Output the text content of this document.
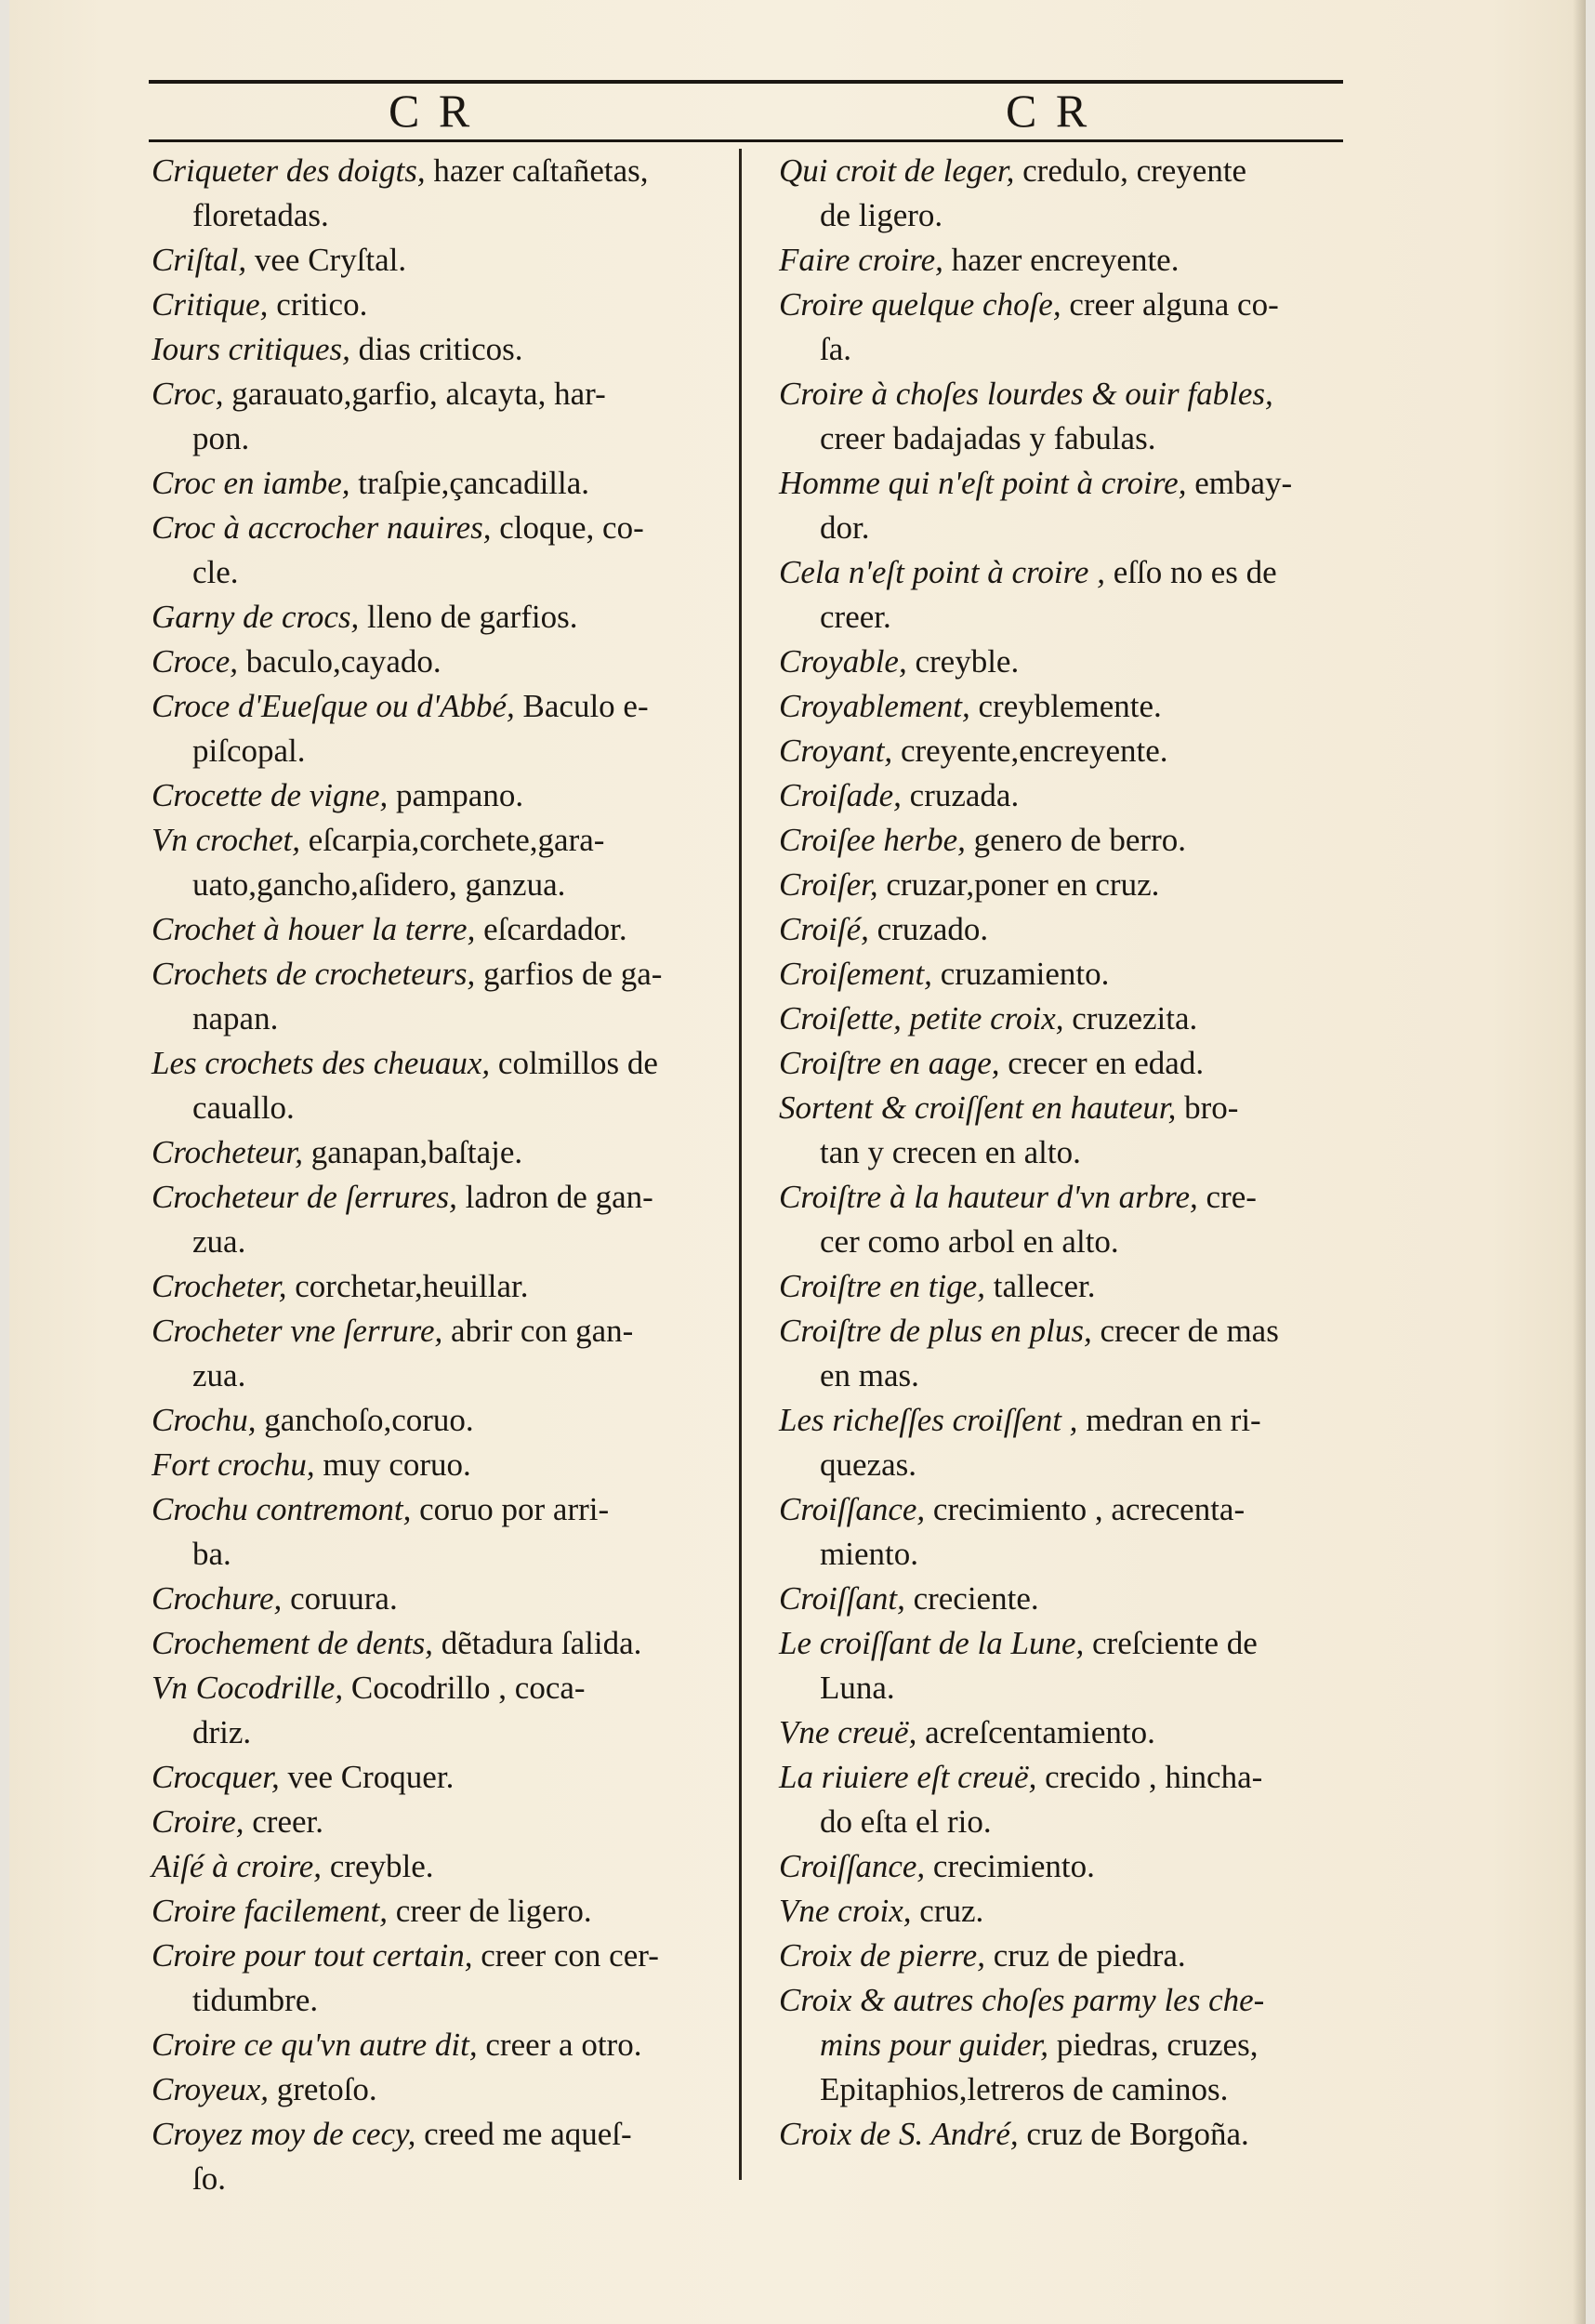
C R	C R
Criqueter des doigts, hazer caſtañetas,
floretadas.
Criſtal, vee Cryſtal.
Critique, critico.
Iours critiques, dias criticos.
Croc, garauato,garfio, alcayta, har-
pon.
Croc en iambe, traſpie,çancadilla.
Croc à accrocher nauires, cloque, co-
cle.
Garny de crocs, lleno de garfios.
Croce, baculo,cayado.
Croce d'Eueſque ou d'Abbé, Baculo e-
piſcopal.
Crocette de vigne, pampano.
Vn crochet, eſcarpia,corchete,gara-
uato,gancho,aſidero, ganzua.
Crochet à houer la terre, eſcardador.
Crochets de crocheteurs, garfios de ga-
napan.
Les crochets des cheuaux, colmillos de
cauallo.
Crocheteur, ganapan,baſtaje.
Crocheteur de ſerrures, ladron de gan-
zua.
Crocheter, corchetar,heuillar.
Crocheter vne ſerrure, abrir con gan-
zua.
Crochu, ganchoſo,coruo.
Fort crochu, muy coruo.
Crochu contremont, coruo por arri-
ba.
Crochure, coruura.
Crochement de dents, dẽtadura ſalida.
Vn Cocodrille, Cocodrillo , coca-
driz.
Crocquer, vee Croquer.
Croire, creer.
Aiſé à croire, creyble.
Croire facilement, creer de ligero.
Croire pour tout certain, creer con cer-
tidumbre.
Croire ce qu'vn autre dit, creer a otro.
Croyeux, gretoſo.
Croyez moy de cecy, creed me aqueſ-
ſo.
Qui croit de leger, credulo, creyente
de ligero.
Faire croire, hazer encreyente.
Croire quelque choſe, creer alguna co-
ſa.
Croire à choſes lourdes & ouir fables,
creer badajadas y fabulas.
Homme qui n'eſt point à croire, embay-
dor.
Cela n'eſt point à croire , eſſo no es de
creer.
Croyable, creyble.
Croyablement, creyblemente.
Croyant, creyente,encreyente.
Croiſade, cruzada.
Croiſee herbe, genero de berro.
Croiſer, cruzar,poner en cruz.
Croiſé, cruzado.
Croiſement, cruzamiento.
Croiſette, petite croix, cruzezita.
Croiſtre en aage, crecer en edad.
Sortent & croiſſent en hauteur, bro-
tan y crecen en alto.
Croiſtre à la hauteur d'vn arbre, cre-
cer como arbol en alto.
Croiſtre en tige, tallecer.
Croiſtre de plus en plus, crecer de mas
en mas.
Les richeſſes croiſſent , medran en ri-
quezas.
Croiſſance, crecimiento , acrecenta-
miento.
Croiſſant, creciente.
Le croiſſant de la Lune, creſciente de
Luna.
Vne creuë, acreſcentamiento.
La riuiere eſt creuë, crecido , hincha-
do eſta el rio.
Croiſſance, crecimiento.
Vne croix, cruz.
Croix de pierre, cruz de piedra.
Croix & autres choſes parmy les che-
mins pour guider, piedras, cruzes,
Epitaphios,letreros de caminos.
Croix de S. André, cruz de Borgoña.
